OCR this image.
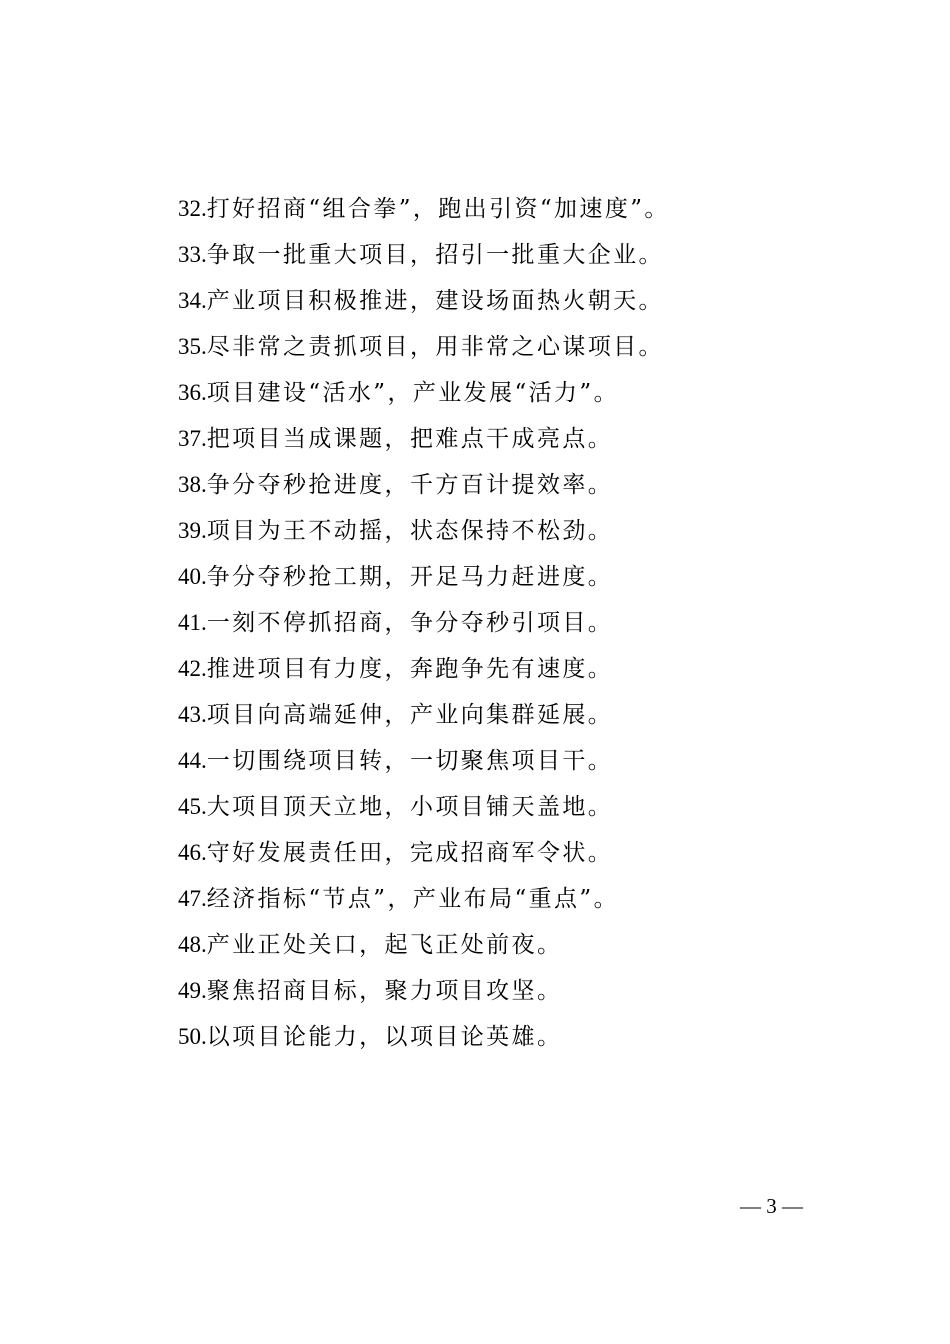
32.打好招商“组合拳”，跑出引资“加速度”。
33.争取一批重大项目，招引一批重大企业。
34.产业项目积极推进，建设场面热火朝天。
35.尽非常之责抓项目，用非常之心谋项目。
36.项目建设“活水”，产业发展“活力”。
37.把项目当成课题，把难点干成亮点。
38.争分夺秒抢进度，千方百计提效率。
39.项目为王不动摇，状态保持不松劲。
40.争分夺秒抢工期，开足马力赶进度。
41.一刻不停抓招商，争分夺秒引项目。
42.推进项目有力度，奔跑争先有速度。
43.项目向高端延伸，产业向集群延展。
44.一切围绕项目转，一切聚焦项目干。
45.大项目顶天立地，小项目铺天盖地。
46.守好发展责任田，完成招商军令状。
47.经济指标“节点”，产业布局“重点”。
48.产业正处关口，起飞正处前夜。
49.聚焦招商目标，聚力项目攻坚。
50.以项目论能力，以项目论英雄。
— 3 —
